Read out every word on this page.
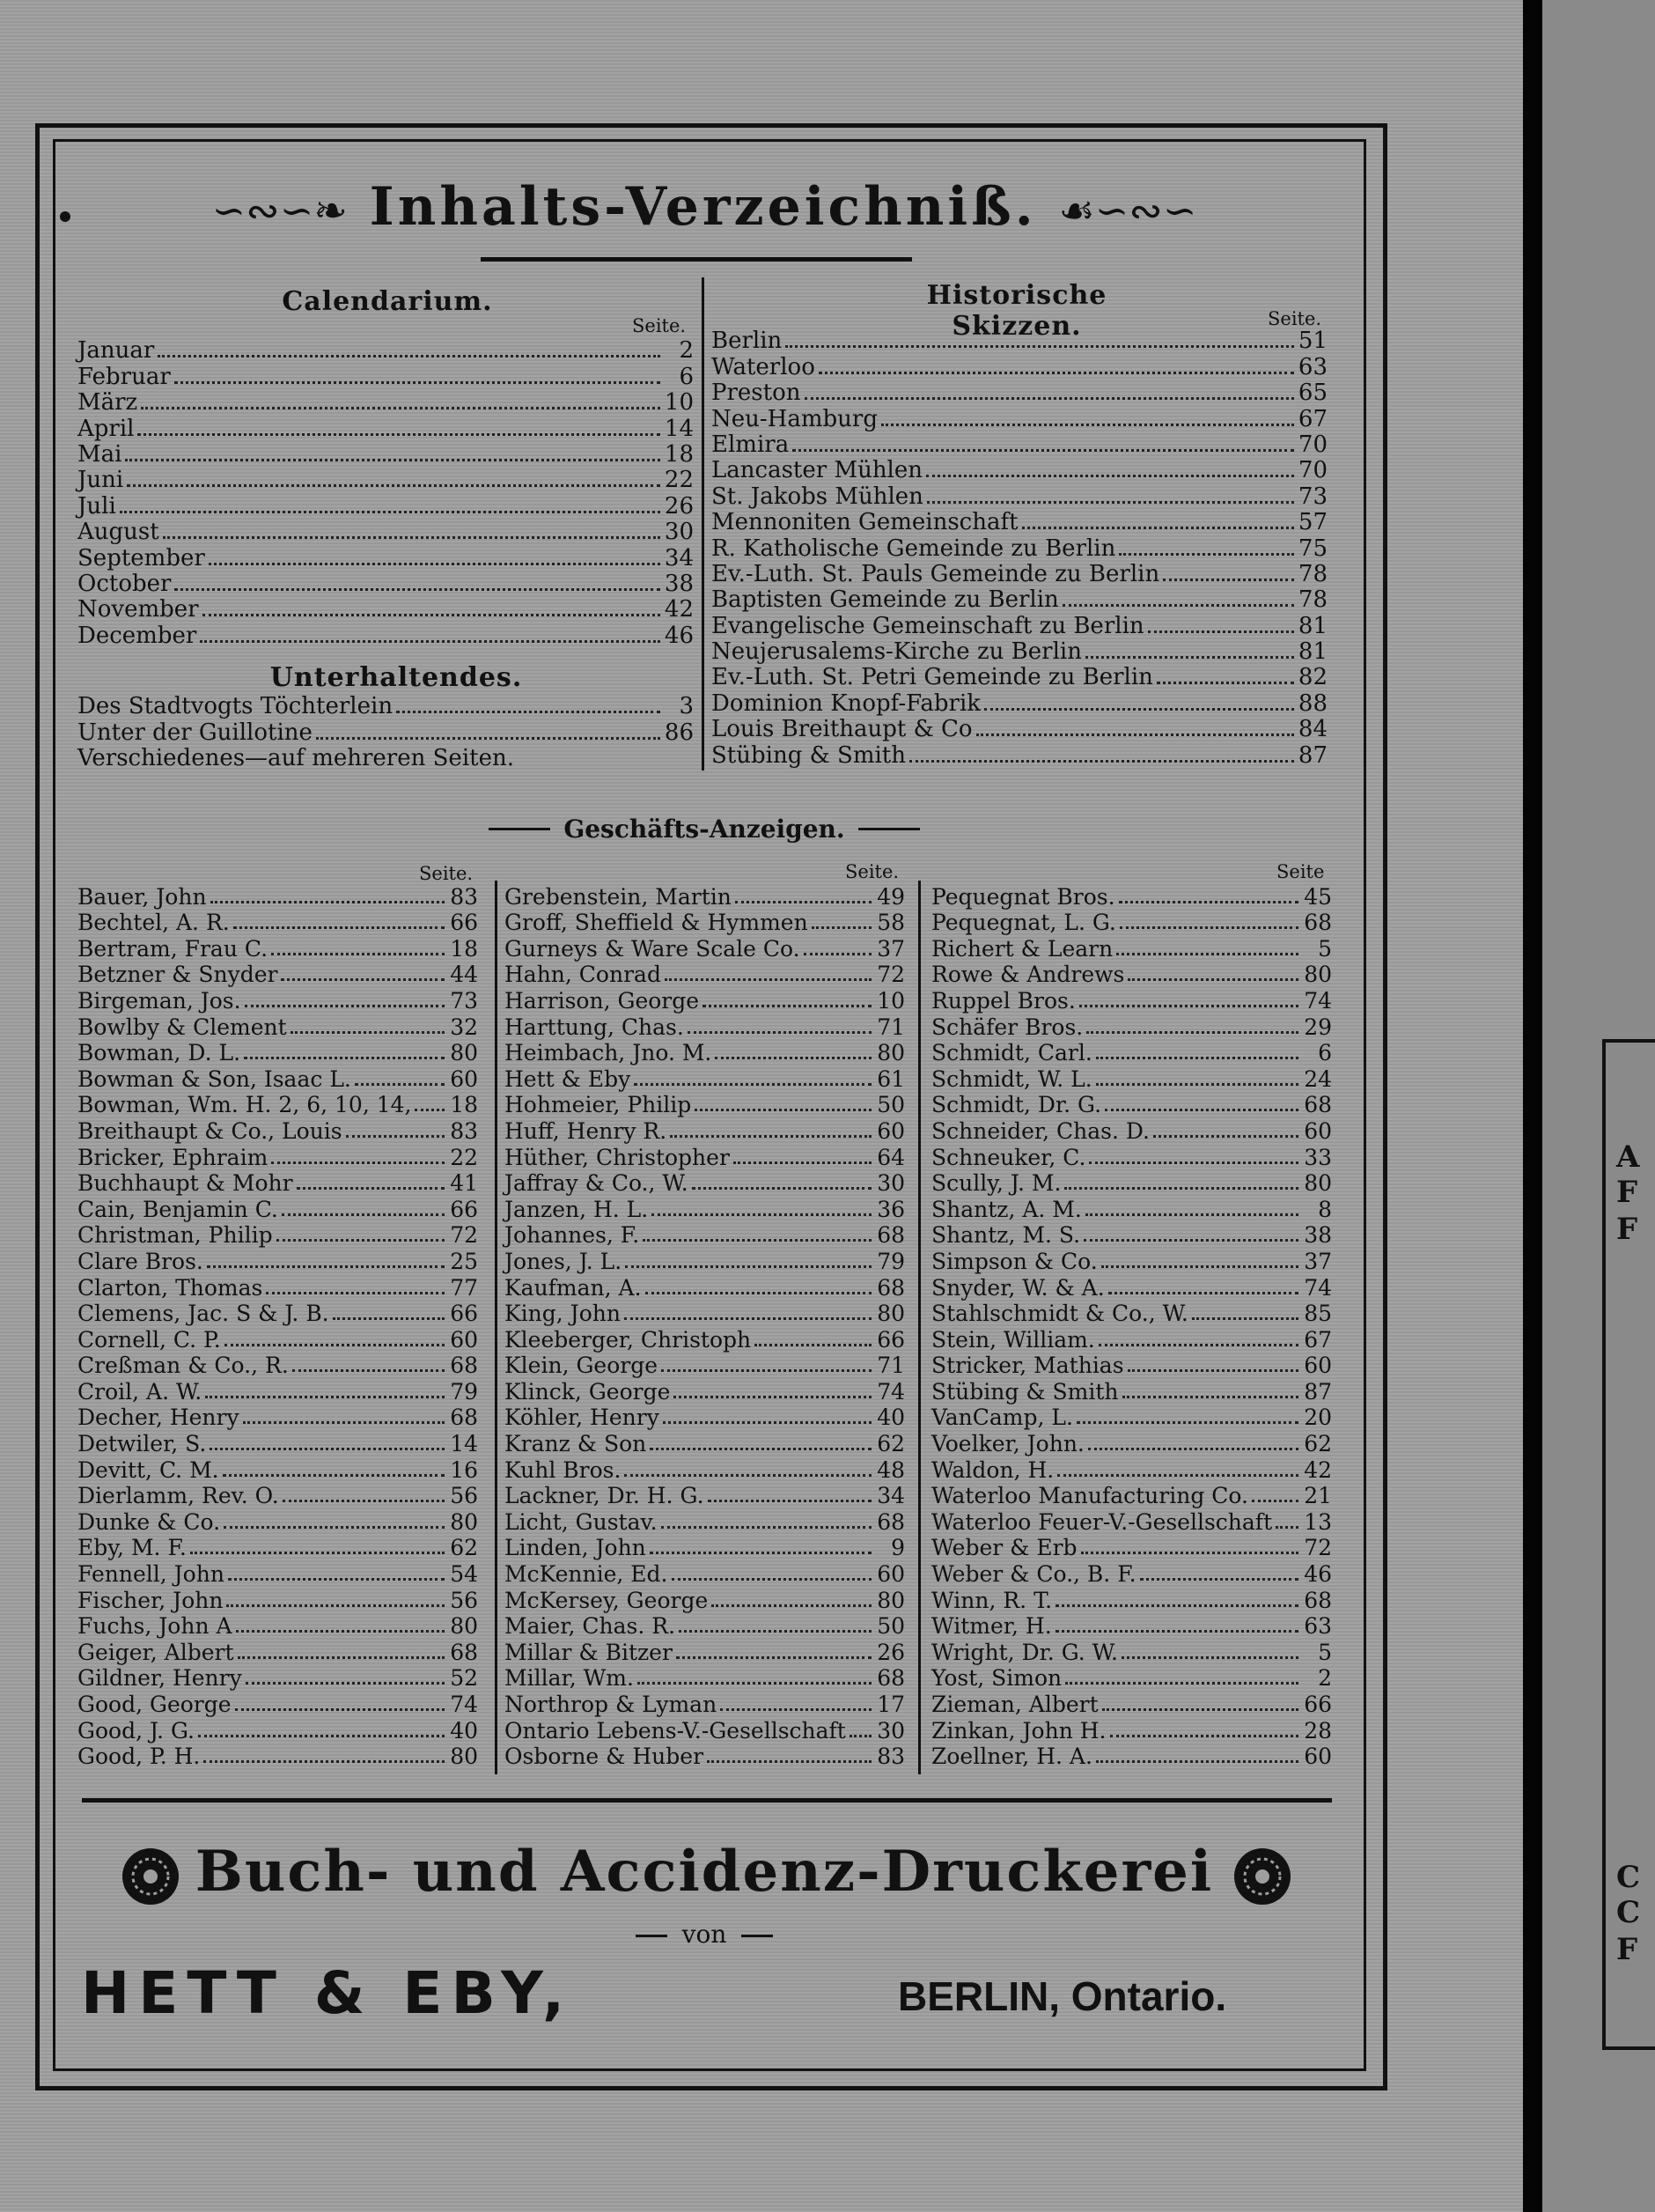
A
F
F
C
C
F
∽∾∽❧ Inhalts-Verzeichniß. ☙∽∾∽
Calendarium.
Seite.
Januar	2
Februar	6
März	10
April	14
Mai	18
Juni	22
Juli	26
August	30
September	34
October	38
November	42
December	46
Unterhaltendes.
Des Stadtvogts Töchterlein	3
Unter der Guillotine	86
Verschiedenes—auf mehreren Seiten.
Historische Skizzen.	Seite.
Berlin	51
Waterloo	63
Preston	65
Neu-Hamburg	67
Elmira	70
Lancaster Mühlen	70
St. Jakobs Mühlen	73
Mennoniten Gemeinschaft	57
R. Katholische Gemeinde zu Berlin	75
Ev.-Luth. St. Pauls Gemeinde zu Berlin	78
Baptisten Gemeinde zu Berlin	78
Evangelische Gemeinschaft zu Berlin	81
Neujerusalems-Kirche zu Berlin	81
Ev.-Luth. St. Petri Gemeinde zu Berlin	82
Dominion Knopf-Fabrik	88
Louis Breithaupt & Co	84
Stübing & Smith	87
Geschäfts-Anzeigen.
Seite.	Seite.	Seite
Bauer, John	83
Bechtel, A. R.	66
Bertram, Frau C.	18
Betzner & Snyder	44
Birgeman, Jos.	73
Bowlby & Clement	32
Bowman, D. L.	80
Bowman & Son, Isaac L.	60
Bowman, Wm. H. 2, 6, 10, 14, 18
Breithaupt & Co., Louis	83
Bricker, Ephraim	22
Buchhaupt & Mohr	41
Cain, Benjamin C.	66
Christman, Philip	72
Clare Bros.	25
Clarton, Thomas	77
Clemens, Jac. S & J. B.	66
Cornell, C. P.	60
Creßman & Co., R.	68
Croil, A. W.	79
Decher, Henry	68
Detwiler, S.	14
Devitt, C. M.	16
Dierlamm, Rev. O.	56
Dunke & Co.	80
Eby, M. F.	62
Fennell, John	54
Fischer, John	56
Fuchs, John A	80
Geiger, Albert	68
Gildner, Henry	52
Good, George	74
Good, J. G.	40
Good, P. H.	80
Grebenstein, Martin	49
Groff, Sheffield & Hymmen	58
Gurneys & Ware Scale Co.	37
Hahn, Conrad	72
Harrison, George	10
Harttung, Chas.	71
Heimbach, Jno. M.	80
Hett & Eby	61
Hohmeier, Philip	50
Huff, Henry R.	60
Hüther, Christopher	64
Jaffray & Co., W.	30
Janzen, H. L.	36
Johannes, F.	68
Jones, J. L.	79
Kaufman, A.	68
King, John	80
Kleeberger, Christoph	66
Klein, George	71
Klinck, George	74
Köhler, Henry	40
Kranz & Son	62
Kuhl Bros.	48
Lackner, Dr. H. G.	34
Licht, Gustav.	68
Linden, John	9
McKennie, Ed.	60
McKersey, George	80
Maier, Chas. R.	50
Millar & Bitzer	26
Millar, Wm.	68
Northrop & Lyman	17
Ontario Lebens-V.-Gesellschaft 30
Osborne & Huber	83
Pequegnat Bros.	45
Pequegnat, L. G.	68
Richert & Learn	5
Rowe & Andrews	80
Ruppel Bros.	74
Schäfer Bros.	29
Schmidt, Carl.	6
Schmidt, W. L.	24
Schmidt, Dr. G.	68
Schneider, Chas. D.	60
Schneuker, C.	33
Scully, J. M.	80
Shantz, A. M.	8
Shantz, M. S.	38
Simpson & Co.	37
Snyder, W. & A.	74
Stahlschmidt & Co., W.	85
Stein, William.	67
Stricker, Mathias	60
Stübing & Smith	87
VanCamp, L.	20
Voelker, John.	62
Waldon, H.	42
Waterloo Manufacturing Co.	21
Waterloo Feuer-V.-Gesellschaft 13
Weber & Erb	72
Weber & Co., B. F.	46
Winn, R. T.	68
Witmer, H.	63
Wright, Dr. G. W.	5
Yost, Simon	2
Zieman, Albert	66
Zinkan, John H.	28
Zoellner, H. A.	60
Buch- und Accidenz-Druckerei
von
HETT & EBY,	BERLIN, Ontario.
